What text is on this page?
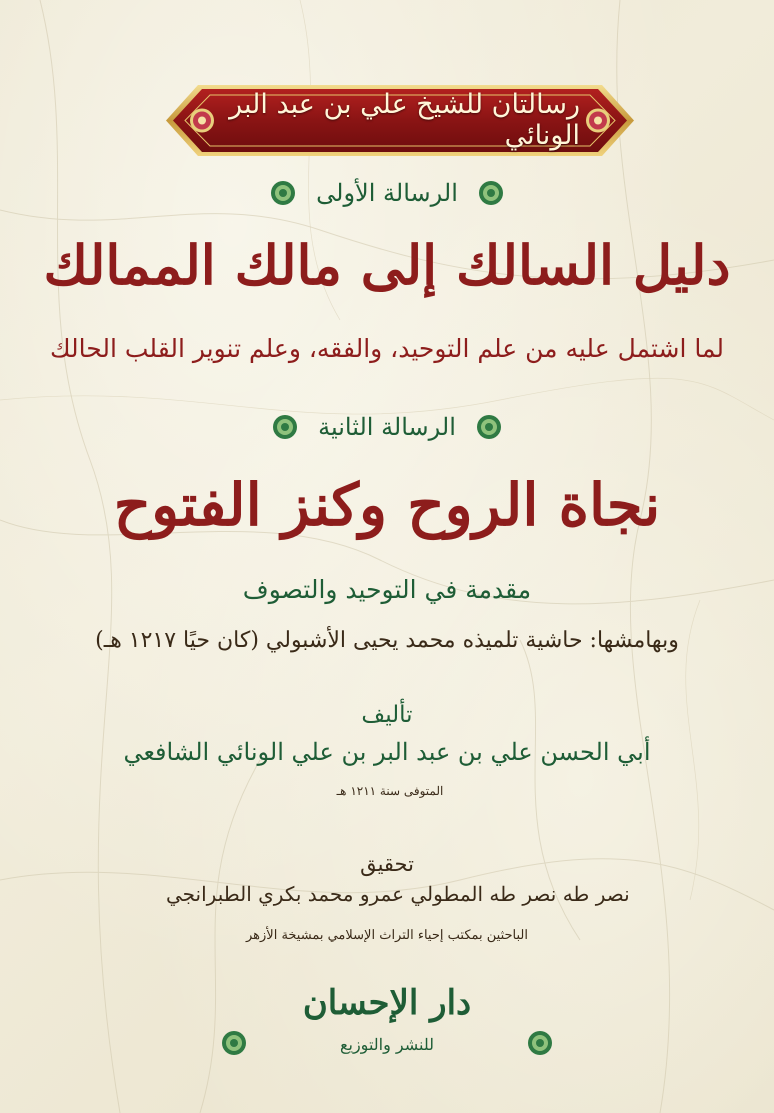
رسالتان للشيخ علي بن عبد البر الونائي
الرسالة الأولى
دليل السالك إلى مالك الممالك
لما اشتمل عليه من علم التوحيد، والفقه، وعلم تنوير القلب الحالك
الرسالة الثانية
نجاة الروح وكنز الفتوح
مقدمة في التوحيد والتصوف
وبهامشها: حاشية تلميذه محمد يحيى الأشبولي (كان حيًا ١٢١٧ هـ)
تأليف
أبي الحسن علي بن عبد البر بن علي الونائي الشافعي
المتوفى سنة ١٢١١ هـ
تحقيق
نصر طه نصر طه المطولي
عمرو محمد بكري الطبرانجي
الباحثين بمكتب إحياء التراث الإسلامي بمشيخة الأزهر
دار الإحسان
للنشر والتوزيع
